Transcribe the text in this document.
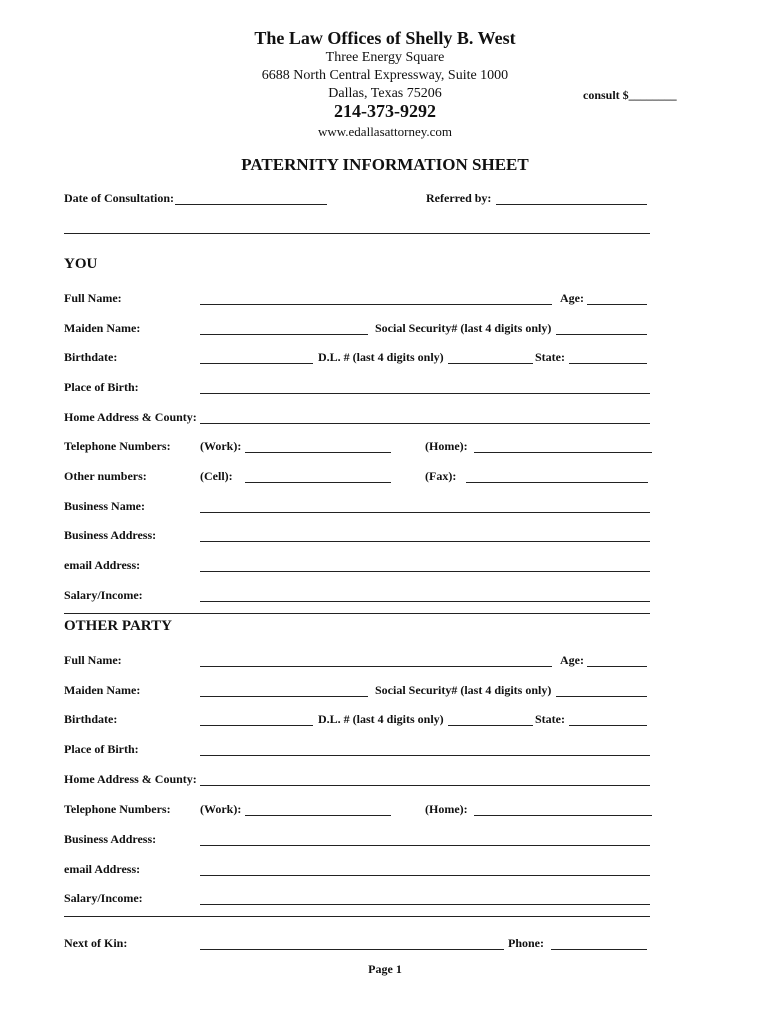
The Law Offices of Shelly B. West
Three Energy Square
6688 North Central Expressway, Suite 1000
Dallas, Texas 75206	consult $________
214-373-9292
www.edallasattorney.com
PATERNITY INFORMATION SHEET
Date of Consultation:	Referred by:
YOU
Full Name:	Age:
Maiden Name:	Social Security# (last 4 digits only)
Birthdate:	D.L. # (last 4 digits only)	State:
Place of Birth:
Home Address & County:
Telephone Numbers: (Work):	(Home):
Other numbers:	(Cell):	(Fax):
Business Name:
Business Address:
email Address:
Salary/Income:
OTHER PARTY
Full Name:	Age:
Maiden Name:	Social Security# (last 4 digits only)
Birthdate:	D.L. # (last 4 digits only)	State:
Place of Birth:
Home Address & County:
Telephone Numbers: (Work):	(Home):
Business Address:
email Address:
Salary/Income:
Next of Kin:	Phone:
Page 1
